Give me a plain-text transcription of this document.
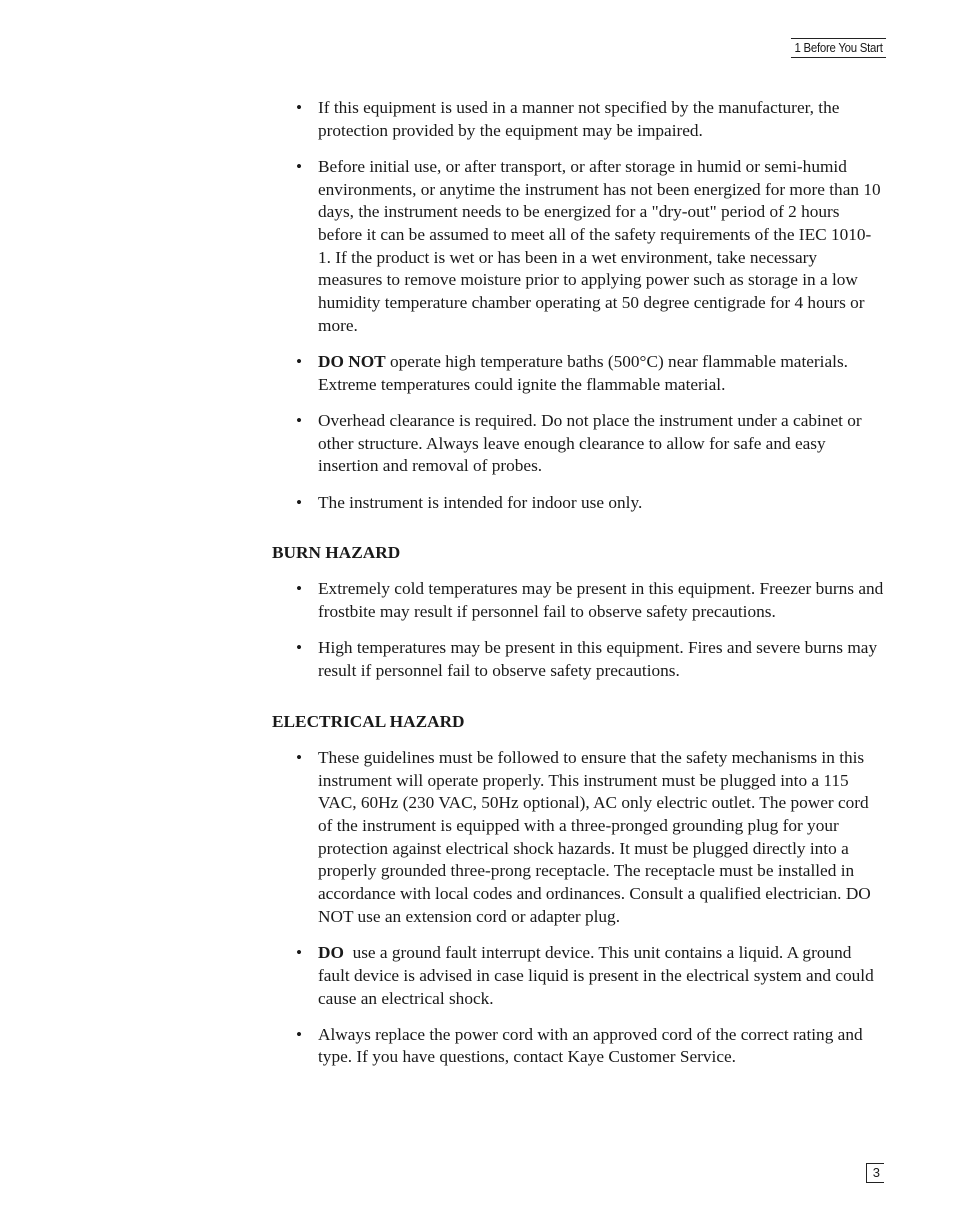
1 Before You Start
• If this equipment is used in a manner not specified by the manufacturer, the protection provided by the equipment may be impaired.
• Before initial use, or after transport, or after storage in humid or semi-humid environments, or anytime the instrument has not been energized for more than 10 days, the instrument needs to be energized for a "dry-out" period of 2 hours before it can be assumed to meet all of the safety requirements of the IEC 1010-1. If the product is wet or has been in a wet environment, take necessary measures to remove moisture prior to applying power such as storage in a low humidity temperature chamber operating at 50 degree centigrade for 4 hours or more.
• DO NOT operate high temperature baths (500°C) near flammable materials. Extreme temperatures could ignite the flammable material.
• Overhead clearance is required. Do not place the instrument under a cabinet or other structure. Always leave enough clearance to allow for safe and easy insertion and removal of probes.
• The instrument is intended for indoor use only.
BURN HAZARD
• Extremely cold temperatures may be present in this equipment. Freezer burns and frostbite may result if personnel fail to observe safety precautions.
• High temperatures may be present in this equipment. Fires and severe burns may result if personnel fail to observe safety precautions.
ELECTRICAL HAZARD
• These guidelines must be followed to ensure that the safety mechanisms in this instrument will operate properly. This instrument must be plugged into a 115 VAC, 60Hz (230 VAC, 50Hz optional), AC only electric outlet. The power cord of the instrument is equipped with a three-pronged grounding plug for your protection against electrical shock hazards. It must be plugged directly into a properly grounded three-prong receptacle. The receptacle must be installed in accordance with local codes and ordinances. Consult a qualified electrician. DO NOT use an extension cord or adapter plug.
• DO  use a ground fault interrupt device. This unit contains a liquid. A ground fault device is advised in case liquid is present in the electrical system and could cause an electrical shock.
• Always replace the power cord with an approved cord of the correct rating and type. If you have questions, contact Kaye Customer Service.
3
